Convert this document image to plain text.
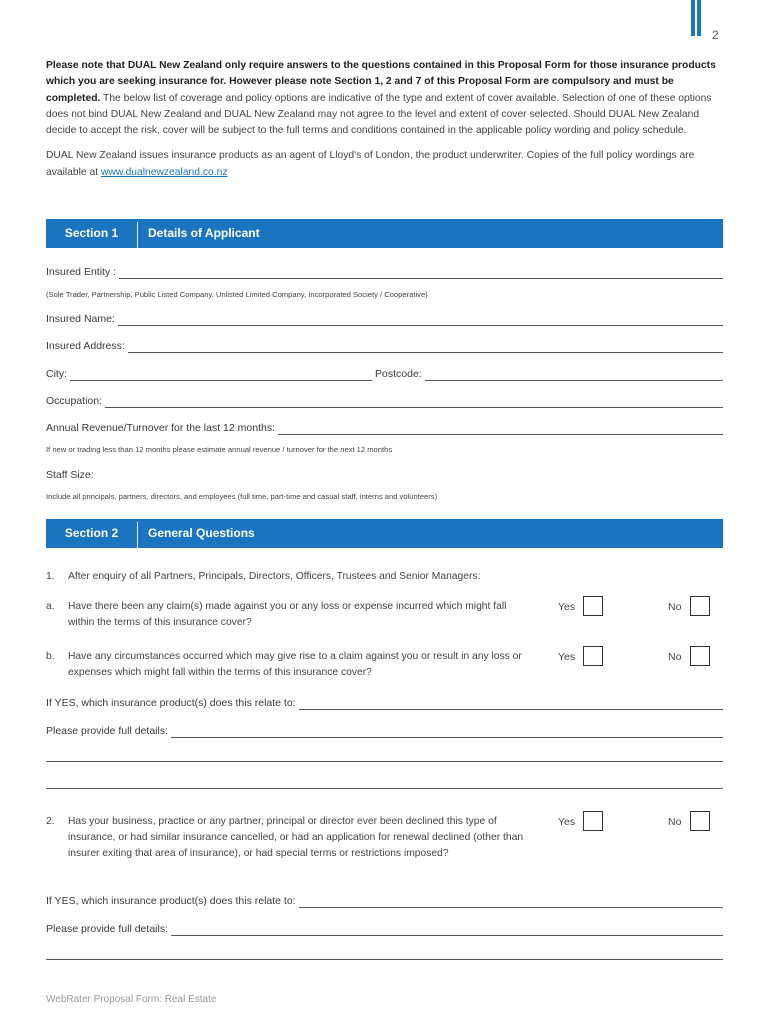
2

Please note that DUAL New Zealand only require answers to the questions contained in this Proposal Form for those insurance products which you are seeking insurance for. However please note Section 1, 2 and 7 of this Proposal Form are compulsory and must be completed. The below list of coverage and policy options are indicative of the type and extent of cover available. Selection of one of these options does not bind DUAL New Zealand and DUAL New Zealand may not agree to the level and extent of cover selected. Should DUAL New Zealand decide to accept the risk, cover will be subject to the full terms and conditions contained in the applicable policy wording and policy schedule.

DUAL New Zealand issues insurance products as an agent of Lloyd's of London, the product underwriter. Copies of the full policy wordings are available at www.dualnewzealand.co.nz

Section 1	Details of Applicant
Insured Entity :
(Sole Trader, Partnership, Public Listed Company, Unlisted Limited Company, Incorporated Society / Cooperative)
Insured Name:
Insured Address:
City:	Postcode:
Occupation:
Annual Revenue/Turnover for the last 12 months:
If new or trading less than 12 months please estimate annual revenue / turnover for the next 12 months
Staff Size:
Include all principals, partners, directors, and employees (full time, part-time and casual staff, interns and volunteers)
Section 2	General Questions
1. After enquiry of all Partners, Principals, Directors, Officers, Trustees and Senior Managers:
a. Have there been any claim(s) made against you or any loss or expense incurred which might fall within the terms of this insurance cover?
Yes	No
b. Have any circumstances occurred which may give rise to a claim against you or result in any loss or expenses which might fall within the terms of this insurance cover?
Yes	No
If YES, which insurance product(s) does this relate to:
Please provide full details:
2. Has your business, practice or any partner, principal or director ever been declined this type of insurance, or had similar insurance cancelled, or had an application for renewal declined (other than insurer exiting that area of insurance), or had special terms or restrictions imposed?
Yes	No
If YES, which insurance product(s) does this relate to:
Please provide full details:
WebRater Proposal Form: Real Estate
